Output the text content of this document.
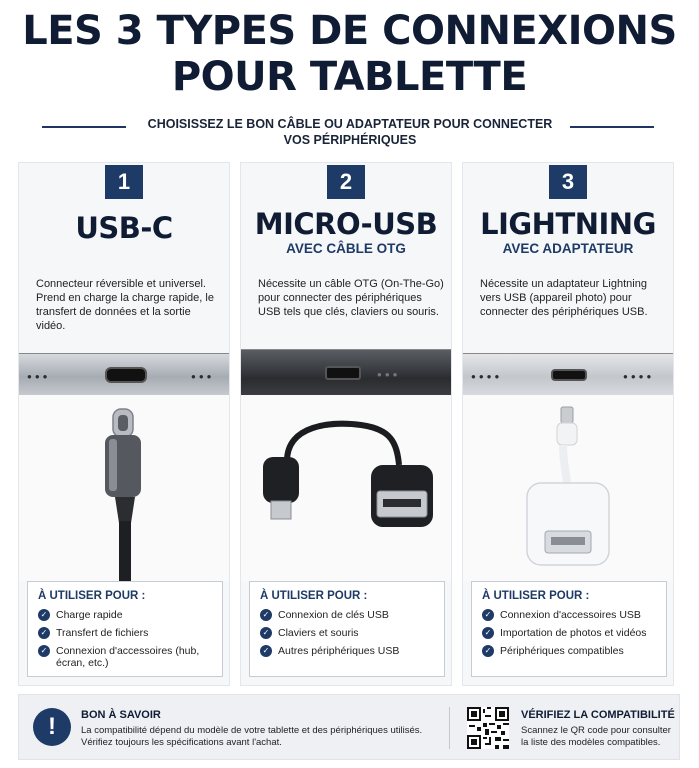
LES 3 TYPES DE CONNEXIONS
POUR TABLETTE
CHOISISSEZ LE BON CÂBLE OU ADAPTATEUR POUR CONNECTER
VOS PÉRIPHÉRIQUES
1
USB-C
Connecteur réversible et universel. Prend en charge la charge rapide, le transfert de données et la sortie vidéo.
●●●	●●●
À UTILISER POUR :
✓ Charge rapide
✓ Transfert de fichiers
✓ Connexion d'accessoires (hub, écran, etc.)
2
MICRO-USB
AVEC CÂBLE OTG
Nécessite un câble OTG (On-The-Go) pour connecter des périphériques USB tels que clés, claviers ou souris.
●●●
À UTILISER POUR :
✓ Connexion de clés USB
✓ Claviers et souris
✓ Autres périphériques USB
3
LIGHTNING
AVEC ADAPTATEUR
Nécessite un adaptateur Lightning vers USB (appareil photo) pour connecter des périphériques USB.
●●●●	●●●●
À UTILISER POUR :
✓ Connexion d'accessoires USB
✓ Importation de photos et vidéos
✓ Périphériques compatibles
!	BON À SAVOIR
La compatibilité dépend du modèle de votre tablette et des périphériques utilisés. Vérifiez toujours les spécifications avant l'achat.
VÉRIFIEZ LA COMPATIBILITÉ
Scannez le QR code pour consulter la liste des modèles compatibles.
